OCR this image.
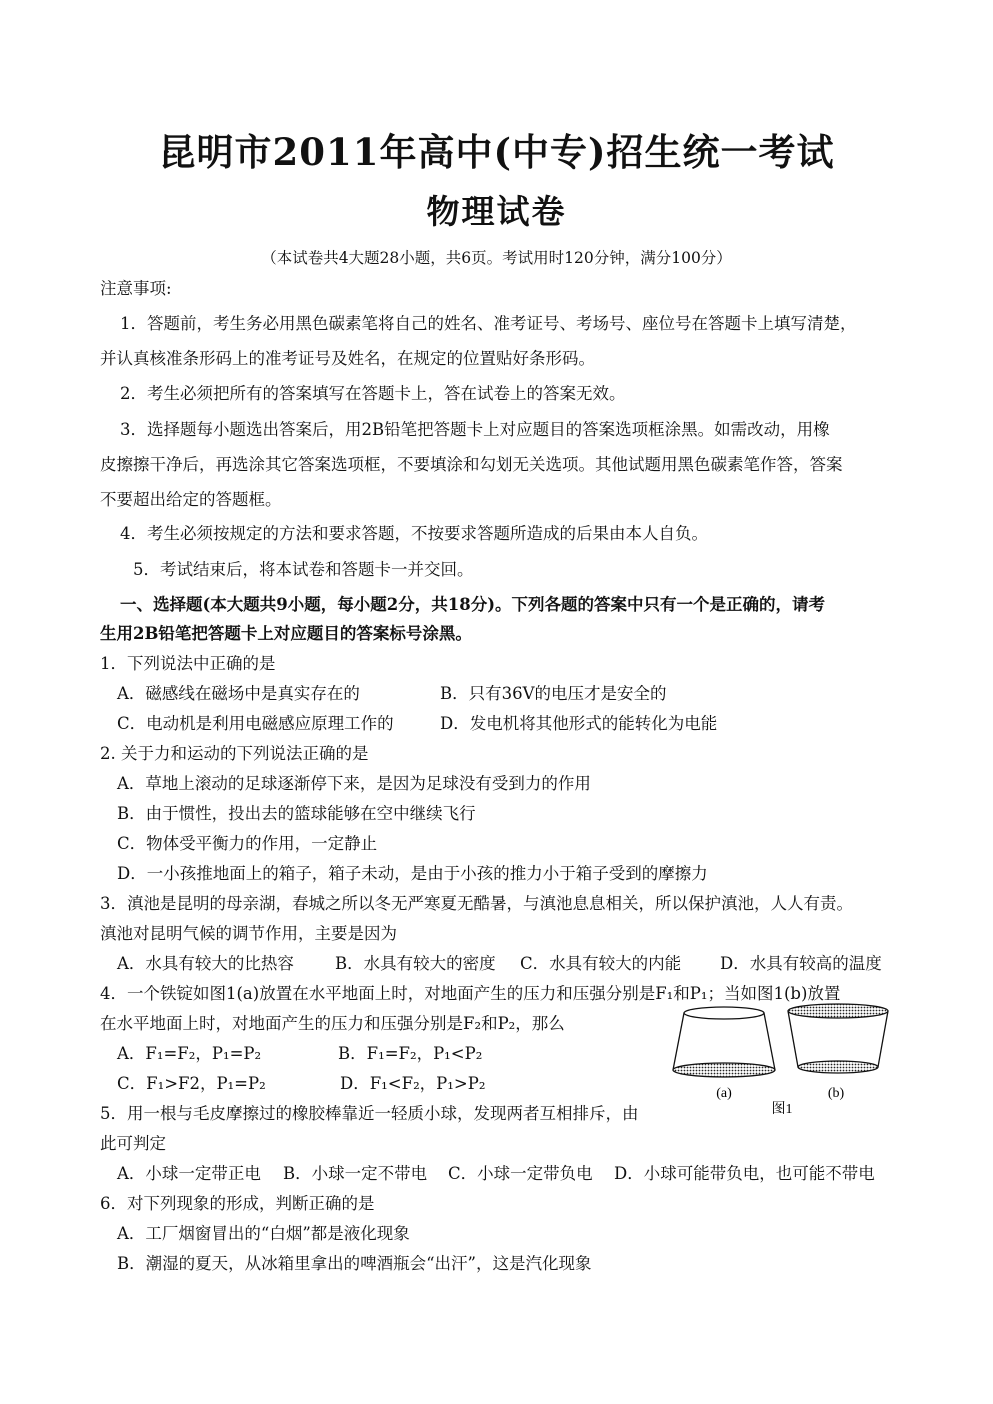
昆明市2011年高中(中专)招生统一考试
物理试卷
（本试卷共4大题28小题，共6页。考试用时120分钟，满分100分）
注意事项:
1．答题前，考生务必用黑色碳素笔将自己的姓名、准考证号、考场号、座位号在答题卡上填写清楚，
并认真核准条形码上的准考证号及姓名，在规定的位置贴好条形码。
2．考生必须把所有的答案填写在答题卡上，答在试卷上的答案无效。
3．选择题每小题选出答案后，用2B铅笔把答题卡上对应题目的答案选项框涂黑。如需改动，用橡
皮擦擦干净后，再选涂其它答案选项框，不要填涂和勾划无关选项。其他试题用黑色碳素笔作答，答案
不要超出给定的答题框。
4．考生必须按规定的方法和要求答题，不按要求答题所造成的后果由本人自负。
5．考试结束后，将本试卷和答题卡一并交回。
一、选择题(本大题共9小题，每小题2分，共18分)。下列各题的答案中只有一个是正确的，请考
生用2B铅笔把答题卡上对应题目的答案标号涂黑。
1．下列说法中正确的是
A．磁感线在磁场中是真实存在的	B．只有36V的电压才是安全的
C．电动机是利用电磁感应原理工作的	D．发电机将其他形式的能转化为电能
2. 关于力和运动的下列说法正确的是
A．草地上滚动的足球逐渐停下来，是因为足球没有受到力的作用
B．由于惯性，投出去的篮球能够在空中继续飞行
C．物体受平衡力的作用，一定静止
D．一小孩推地面上的箱子，箱子未动，是由于小孩的推力小于箱子受到的摩擦力
3．滇池是昆明的母亲湖，春城之所以冬无严寒夏无酷暑，与滇池息息相关，所以保护滇池，人人有责。
滇池对昆明气候的调节作用，主要是因为
A．水具有较大的比热容 B．水具有较大的密度 C．水具有较大的内能 D．水具有较高的温度
4．一个铁锭如图1(a)放置在水平地面上时，对地面产生的压力和压强分别是F₁和P₁；当如图1(b)放置
在水平地面上时，对地面产生的压力和压强分别是F₂和P₂，那么
A．F₁=F₂，P₁=P₂	B．F₁=F₂，P₁<P₂
C．F₁>F2，P₁=P₂	D．F₁<F₂，P₁>P₂
5．用一根与毛皮摩擦过的橡胶棒靠近一轻质小球，发现两者互相排斥，由
此可判定
A．小球一定带正电 B．小球一定不带电 C．小球一定带负电 D．小球可能带负电，也可能不带电
6．对下列现象的形成，判断正确的是
A．工厂烟窗冒出的“白烟”都是液化现象
B．潮湿的夏天，从冰箱里拿出的啤酒瓶会“出汗”，这是汽化现象
(a)	(b)
图1
